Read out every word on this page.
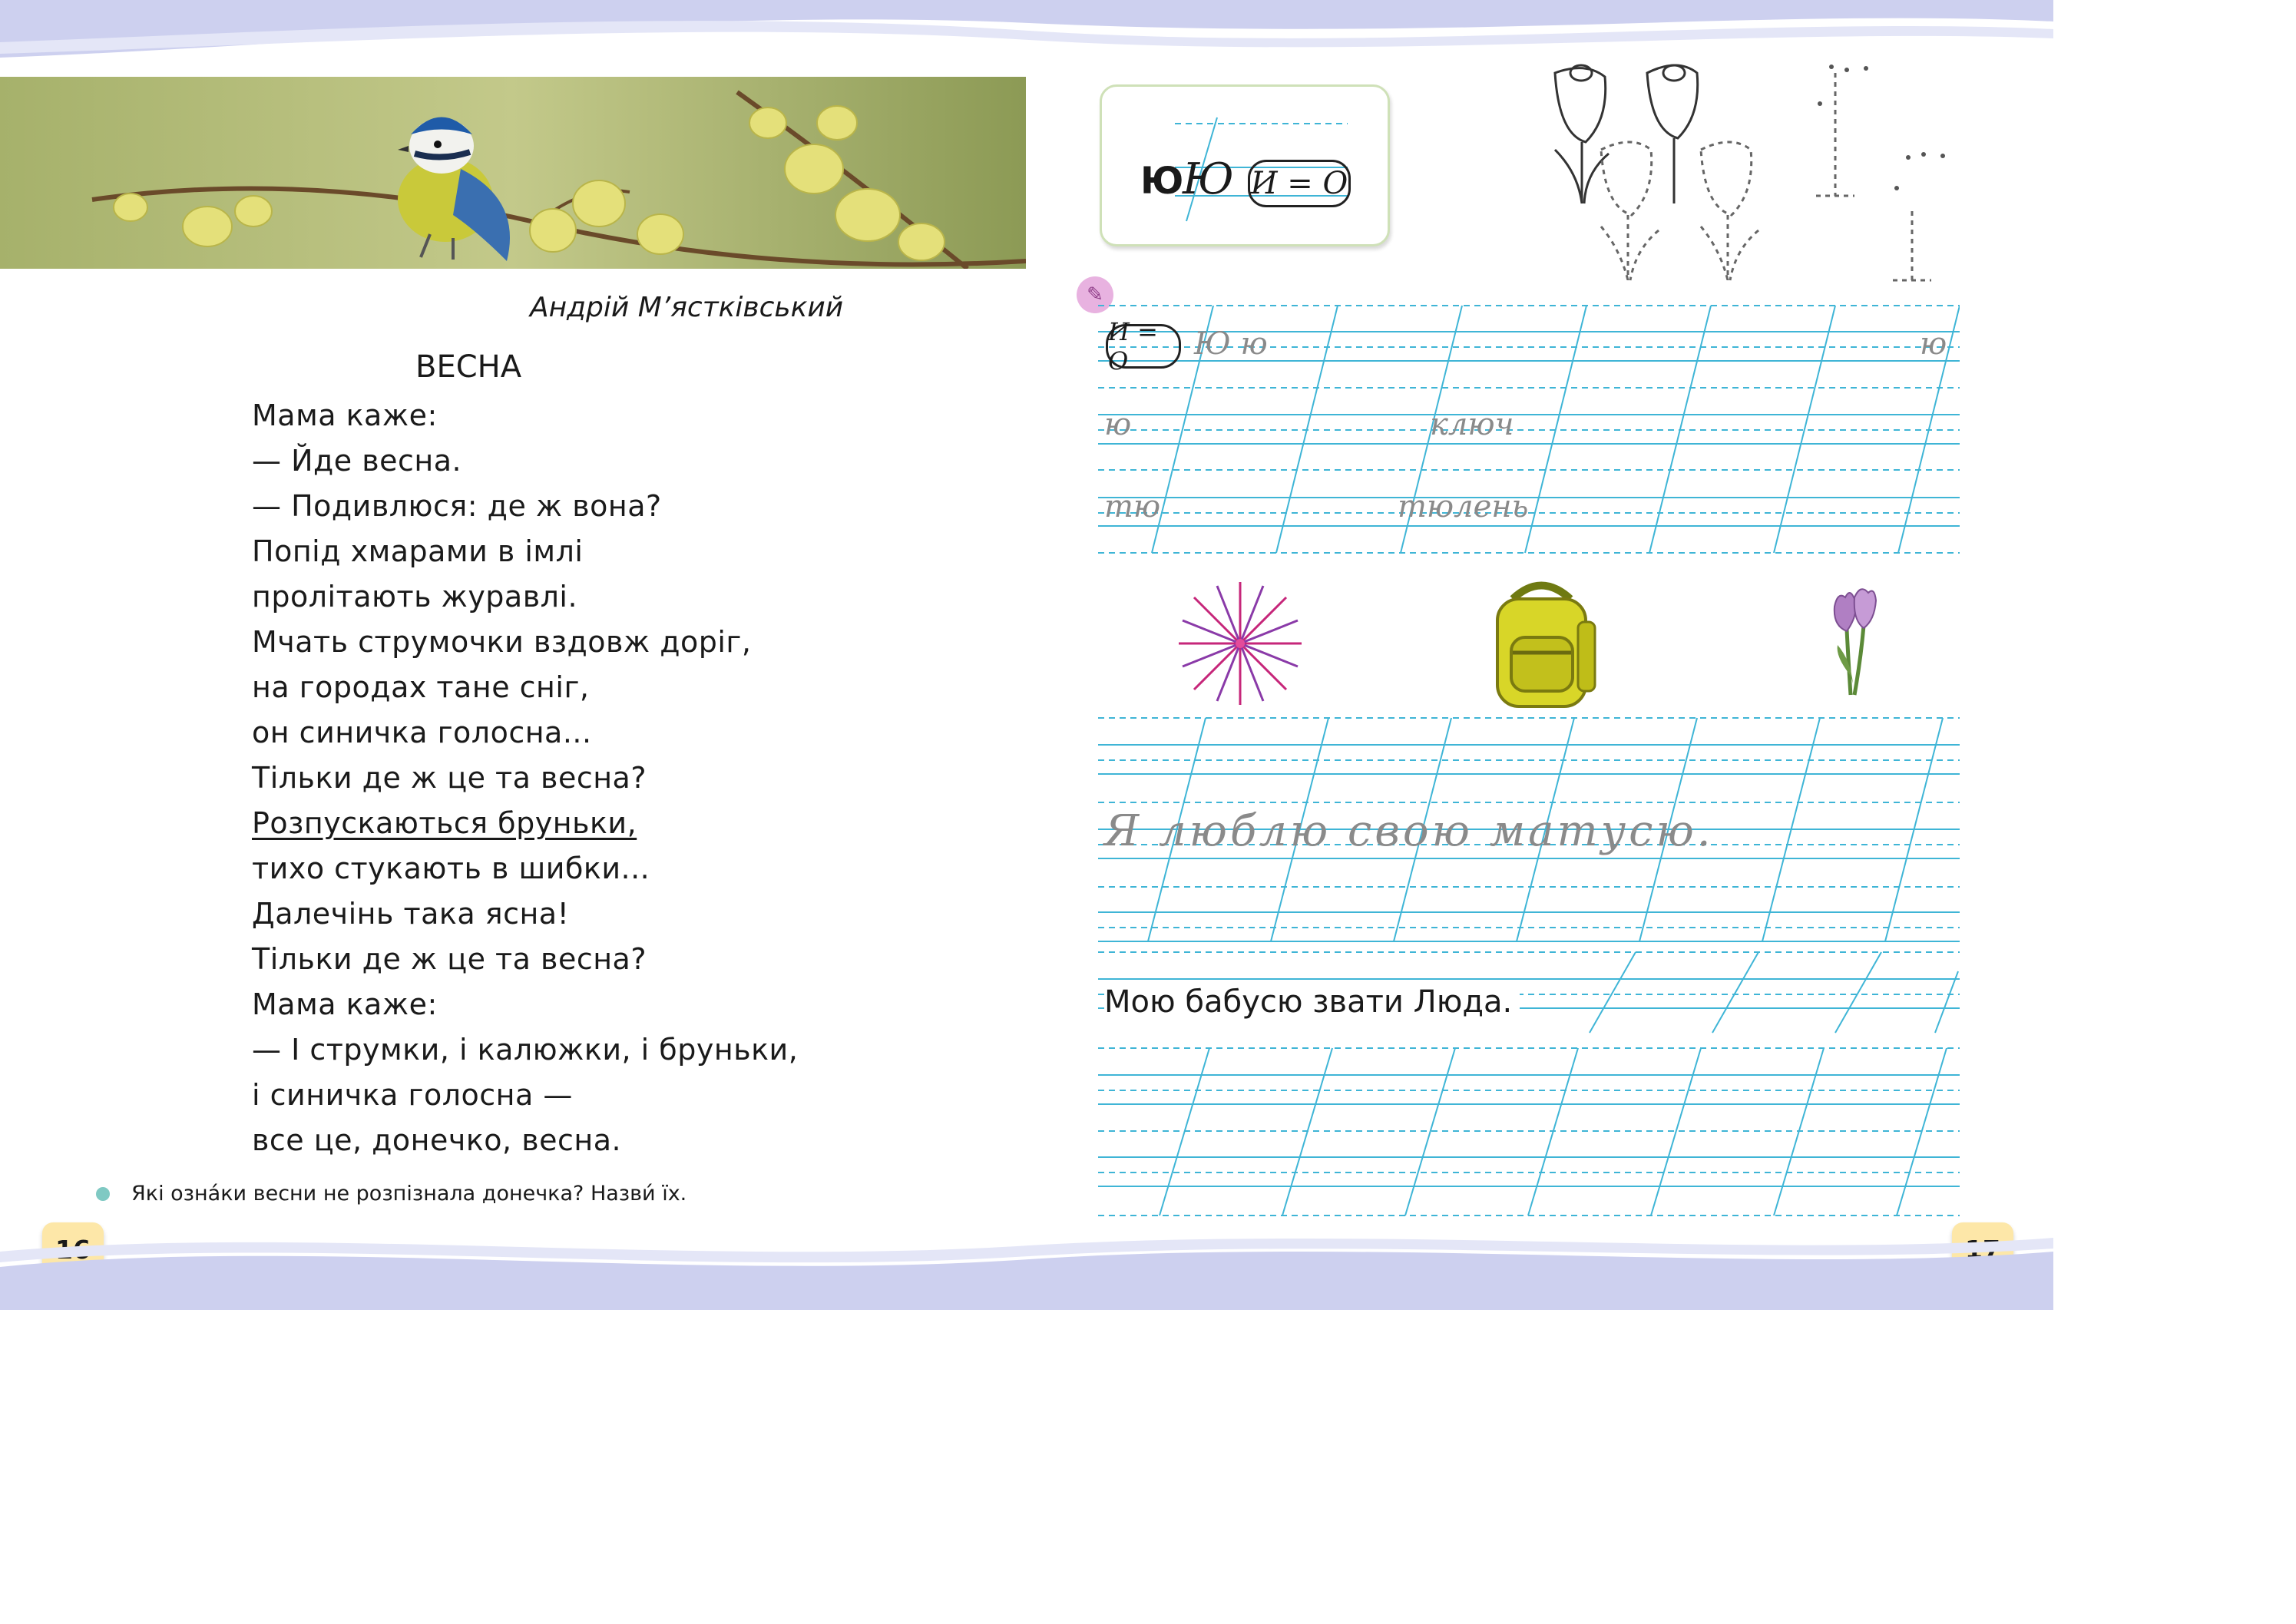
Андрій М’ястківський
ВЕСНА
Мама каже:
— Йде весна.
— Подивлюся: де ж вона?
Попід хмарами в імлі
пролітають журавлі.
Мчать струмочки вздовж доріг,
на городах тане сніг,
он синичка голосна...
Тільки де ж це та весна?
Розпускаються бруньки,
тихо стукають в шибки...
Далечінь така ясна!
Тільки де ж це та весна?
Мама каже:
— І струмки, і калюжки, і бруньки,
і синичка голосна —
все це, донечко, весна.
Які озна́ки весни не розпізнала донечка? Назви́ їх.
Ю
Ю И = О
✎
И = О	Ю ю	ю
ю	ключ
тю	тюлень
Я люблю свою матусю.
Мою бабусю звати Люда.
